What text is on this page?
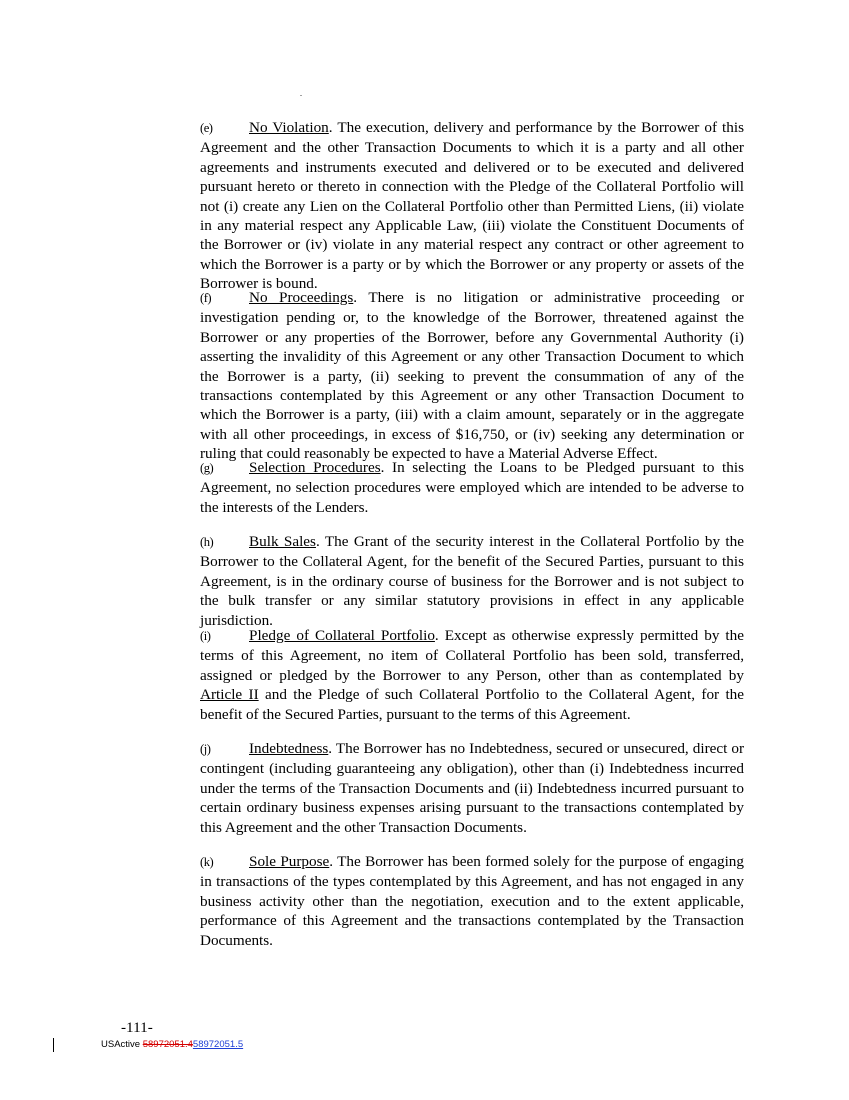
.

(e) No Violation. The execution, delivery and performance by the Borrower of this Agreement and the other Transaction Documents to which it is a party and all other agreements and instruments executed and delivered or to be executed and delivered pursuant hereto or thereto in connection with the Pledge of the Collateral Portfolio will not (i) create any Lien on the Collateral Portfolio other than Permitted Liens, (ii) violate in any material respect any Applicable Law, (iii) violate the Constituent Documents of the Borrower or (iv) violate in any material respect any contract or other agreement to which the Borrower is a party or by which the Borrower or any property or assets of the Borrower is bound.

(f) No Proceedings. There is no litigation or administrative proceeding or investigation pending or, to the knowledge of the Borrower, threatened against the Borrower or any properties of the Borrower, before any Governmental Authority (i) asserting the invalidity of this Agreement or any other Transaction Document to which the Borrower is a party, (ii) seeking to prevent the consummation of any of the transactions contemplated by this Agreement or any other Transaction Document to which the Borrower is a party, (iii) with a claim amount, separately or in the aggregate with all other proceedings, in excess of $16,750, or (iv) seeking any determination or ruling that could reasonably be expected to have a Material Adverse Effect.

(g) Selection Procedures. In selecting the Loans to be Pledged pursuant to this Agreement, no selection procedures were employed which are intended to be adverse to the interests of the Lenders.

(h) Bulk Sales. The Grant of the security interest in the Collateral Portfolio by the Borrower to the Collateral Agent, for the benefit of the Secured Parties, pursuant to this Agreement, is in the ordinary course of business for the Borrower and is not subject to the bulk transfer or any similar statutory provisions in effect in any applicable jurisdiction.

(i)	Pledge of Collateral Portfolio. Except as otherwise expressly permitted by the terms of this Agreement, no item of Collateral Portfolio has been sold, transferred, assigned or pledged by the Borrower to any Person, other than as contemplated by Article II and the Pledge of such Collateral Portfolio to the Collateral Agent, for the benefit of the Secured Parties, pursuant to the terms of this Agreement.

(j)	Indebtedness. The Borrower has no Indebtedness, secured or unsecured, direct or contingent (including guaranteeing any obligation), other than (i) Indebtedness incurred under the terms of the Transaction Documents and (ii) Indebtedness incurred pursuant to certain ordinary business expenses arising pursuant to the transactions contemplated by this Agreement and the other Transaction Documents.

(k) Sole Purpose. The Borrower has been formed solely for the purpose of engaging in transactions of the types contemplated by this Agreement, and has not engaged in any business activity other than the negotiation, execution and to the extent applicable, performance of this Agreement and the transactions contemplated by the Transaction Documents.

-111-
USActive 58972051.458972051.5
